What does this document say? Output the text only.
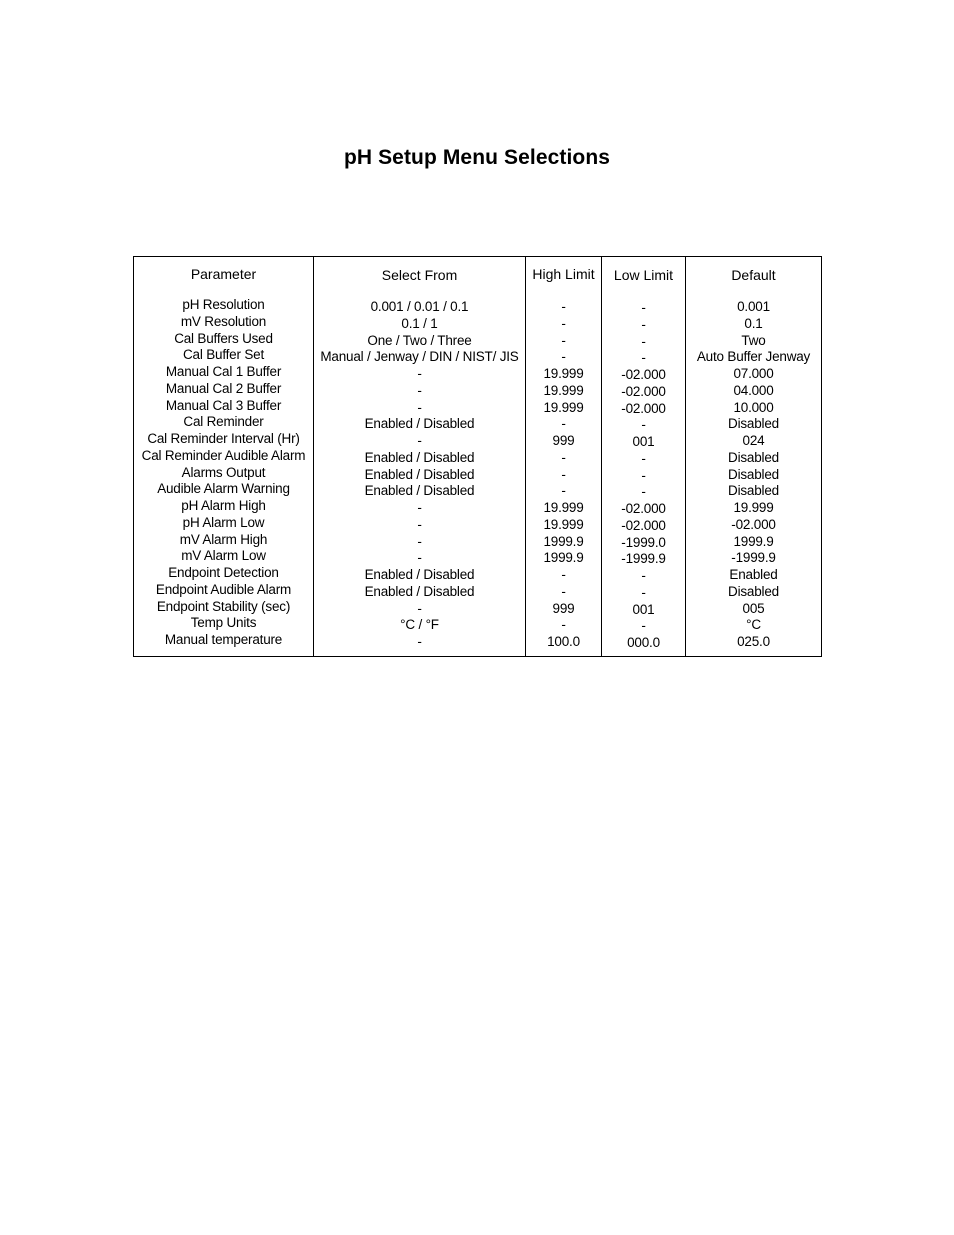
pH Setup Menu Selections
Parameter
pH Resolution
mV Resolution
Cal Buffers Used
Cal Buffer Set
Manual Cal 1 Buffer
Manual Cal 2 Buffer
Manual Cal 3 Buffer
Cal Reminder
Cal Reminder Interval (Hr)
Cal Reminder Audible Alarm
Alarms Output
Audible Alarm Warning
pH Alarm High
pH Alarm Low
mV Alarm High
mV Alarm Low
Endpoint Detection
Endpoint Audible Alarm
Endpoint Stability (sec)
Temp Units
Manual temperature
Select From
0.001 / 0.01 / 0.1
0.1 / 1
One / Two / Three
Manual / Jenway / DIN / NIST/ JIS
-
-
-
Enabled / Disabled
-
Enabled / Disabled
Enabled / Disabled
Enabled / Disabled
-
-
-
-
Enabled / Disabled
Enabled / Disabled
-
°C / °F
-
High Limit
-
-
-
-
19.999
19.999
19.999
-
999
-
-
-
19.999
19.999
1999.9
1999.9
-
-
999
-
100.0
Low Limit
-
-
-
-
-02.000
-02.000
-02.000
-
001
-
-
-
-02.000
-02.000
-1999.0
-1999.9
-
-
001
-
000.0
Default
0.001
0.1
Two
Auto Buffer Jenway
07.000
04.000
10.000
Disabled
024
Disabled
Disabled
Disabled
19.999
-02.000
1999.9
-1999.9
Enabled
Disabled
005
°C
025.0
